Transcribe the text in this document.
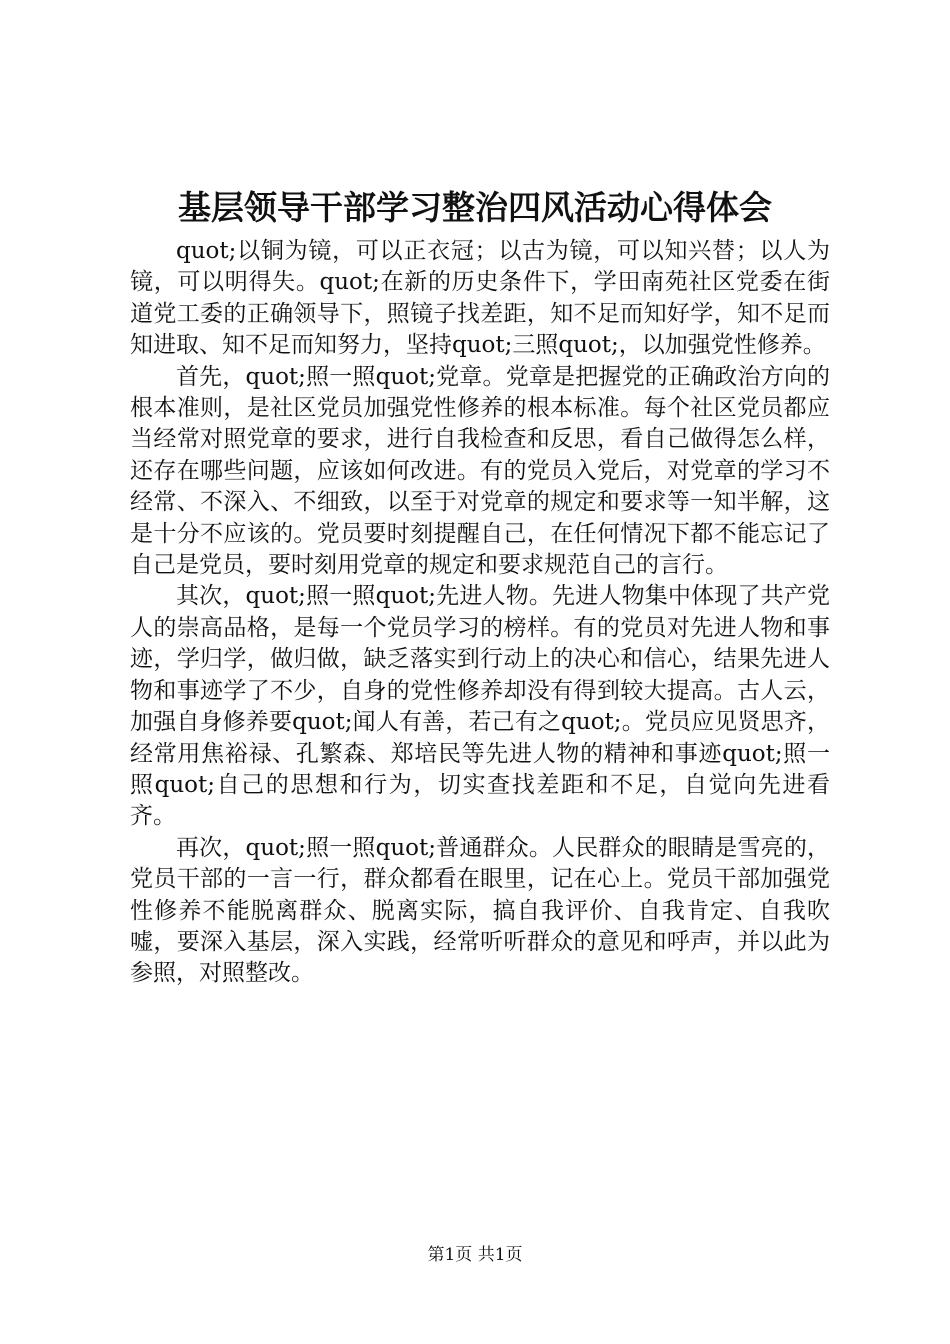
基层领导干部学习整治四风活动心得体会

quot;以铜为镜，可以正衣冠；以古为镜，可以知兴替；以人为镜，可以明得失。quot;在新的历史条件下，学田南苑社区党委在街道党工委的正确领导下，照镜子找差距，知不足而知好学，知不足而知进取、知不足而知努力，坚持quot;三照quot;，以加强党性修养。

首先，quot;照一照quot;党章。党章是把握党的正确政治方向的根本准则，是社区党员加强党性修养的根本标准。每个社区党员都应当经常对照党章的要求，进行自我检查和反思，看自己做得怎么样，还存在哪些问题，应该如何改进。有的党员入党后，对党章的学习不经常、不深入、不细致，以至于对党章的规定和要求等一知半解，这是十分不应该的。党员要时刻提醒自己，在任何情况下都不能忘记了自己是党员，要时刻用党章的规定和要求规范自己的言行。

其次，quot;照一照quot;先进人物。先进人物集中体现了共产党人的崇高品格，是每一个党员学习的榜样。有的党员对先进人物和事迹，学归学，做归做，缺乏落实到行动上的决心和信心，结果先进人物和事迹学了不少，自身的党性修养却没有得到较大提高。古人云，加强自身修养要quot;闻人有善，若己有之quot;。党员应见贤思齐，经常用焦裕禄、孔繁森、郑培民等先进人物的精神和事迹quot;照一照quot;自己的思想和行为，切实查找差距和不足，自觉向先进看齐。

再次，quot;照一照quot;普通群众。人民群众的眼睛是雪亮的，党员干部的一言一行，群众都看在眼里，记在心上。党员干部加强党性修养不能脱离群众、脱离实际，搞自我评价、自我肯定、自我吹嘘，要深入基层，深入实践，经常听听群众的意见和呼声，并以此为参照，对照整改。

第1页 共1页
